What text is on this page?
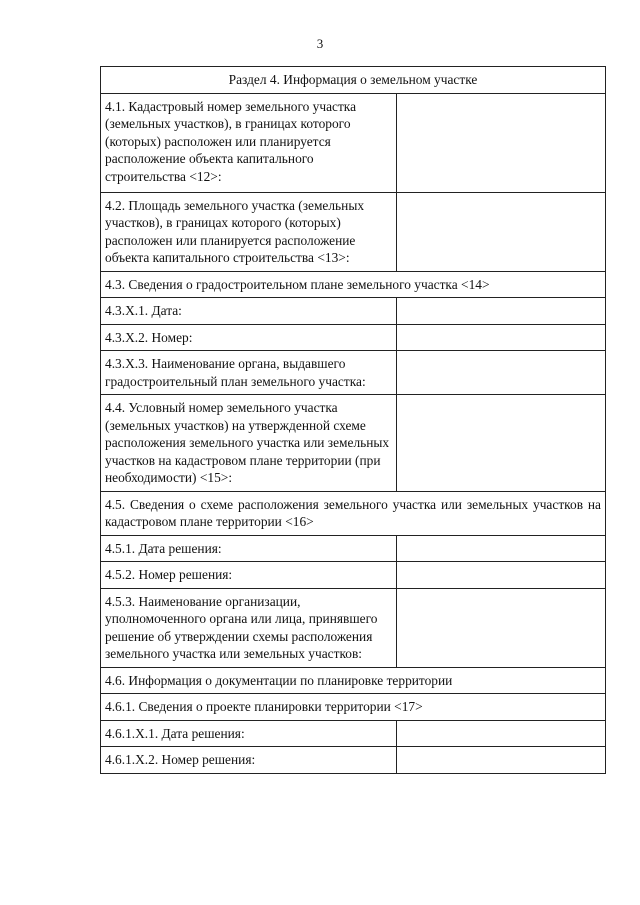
3
Раздел 4. Информация о земельном участке	
4.1. Кадастровый номер земельного участка (земельных участков), в границах которого (которых) расположен или планируется расположение объекта капитального строительства <12>:	
4.2. Площадь земельного участка (земельных участков), в границах которого (которых) расположен или планируется расположение объекта капитального строительства <13>:	
4.3. Сведения о градостроительном плане земельного участка <14>	
4.3.X.1. Дата:	
4.3.X.2. Номер:	
4.3.X.3. Наименование органа, выдавшего градостроительный план земельного участка:	
4.4. Условный номер земельного участка (земельных участков) на утвержденной схеме расположения земельного участка или земельных участков на кадастровом плане территории (при необходимости) <15>:	
4.5. Сведения о схеме расположения земельного участка или земельных участков на кадастровом плане территории <16>	
4.5.1. Дата решения:	
4.5.2. Номер решения:	
4.5.3. Наименование организации, уполномоченного органа или лица, принявшего решение об утверждении схемы расположения земельного участка или земельных участков:	
4.6. Информация о документации по планировке территории	
4.6.1. Сведения о проекте планировки территории <17>	
4.6.1.X.1. Дата решения:	
4.6.1.X.2. Номер решения:	
